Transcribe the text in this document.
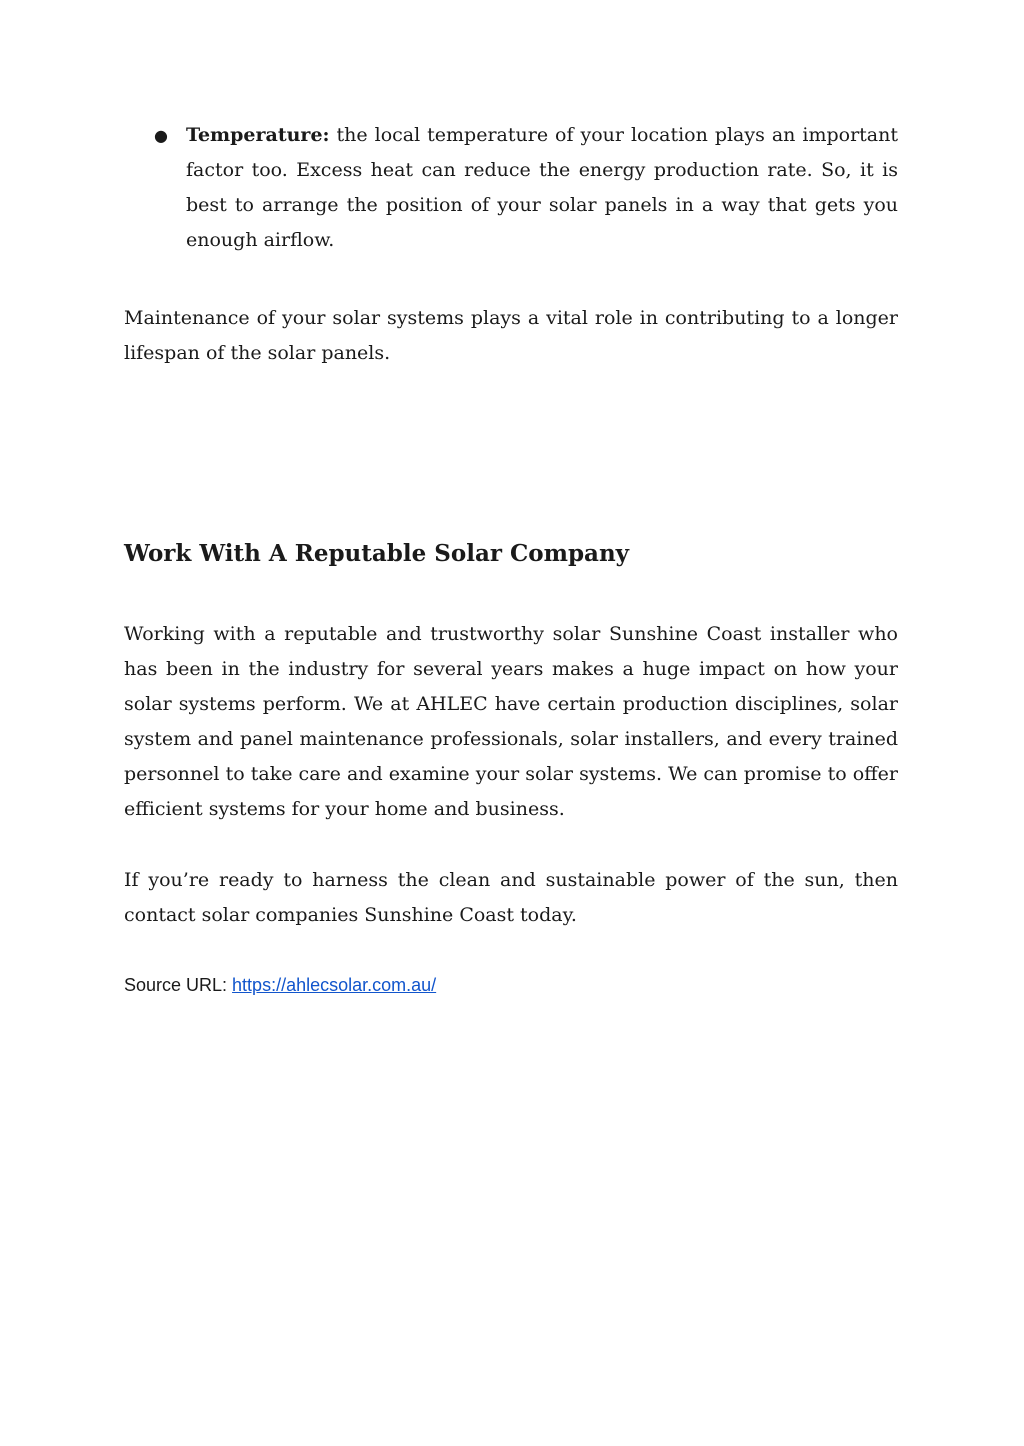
● Temperature: the local temperature of your location plays an important factor too. Excess heat can reduce the energy production rate. So, it is best to arrange the position of your solar panels in a way that gets you enough airflow.

Maintenance of your solar systems plays a vital role in contributing to a longer lifespan of the solar panels.

Work With A Reputable Solar Company

Working with a reputable and trustworthy solar Sunshine Coast installer who has been in the industry for several years makes a huge impact on how your solar systems perform. We at AHLEC have certain production disciplines, solar system and panel maintenance professionals, solar installers, and every trained personnel to take care and examine your solar systems. We can promise to offer efficient systems for your home and business.

If you’re ready to harness the clean and sustainable power of the sun, then contact solar companies Sunshine Coast today.

Source URL: https://ahlecsolar.com.au/
